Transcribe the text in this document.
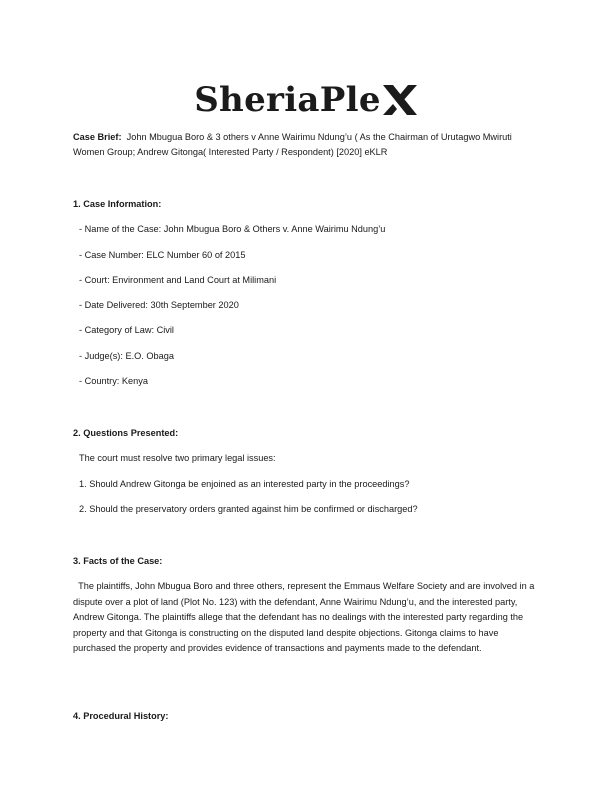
SheriaPle
Case Brief: John Mbugua Boro & 3 others v Anne Wairimu Ndung’u ( As the Chairman of Urutagwo Mwiruti Women Group; Andrew Gitonga( Interested Party / Respondent) [2020] eKLR
1. Case Information:
- Name of the Case: John Mbugua Boro & Others v. Anne Wairimu Ndung’u
- Case Number: ELC Number 60 of 2015
- Court: Environment and Land Court at Milimani
- Date Delivered: 30th September 2020
- Category of Law: Civil
- Judge(s): E.O. Obaga
- Country: Kenya
2. Questions Presented:
The court must resolve two primary legal issues:
1. Should Andrew Gitonga be enjoined as an interested party in the proceedings?
2. Should the preservatory orders granted against him be confirmed or discharged?
3. Facts of the Case:
The plaintiffs, John Mbugua Boro and three others, represent the Emmaus Welfare Society and are involved in a dispute over a plot of land (Plot No. 123) with the defendant, Anne Wairimu Ndung’u, and the interested party, Andrew Gitonga. The plaintiffs allege that the defendant has no dealings with the interested party regarding the property and that Gitonga is constructing on the disputed land despite objections. Gitonga claims to have purchased the property and provides evidence of transactions and payments made to the defendant.
4. Procedural History:
